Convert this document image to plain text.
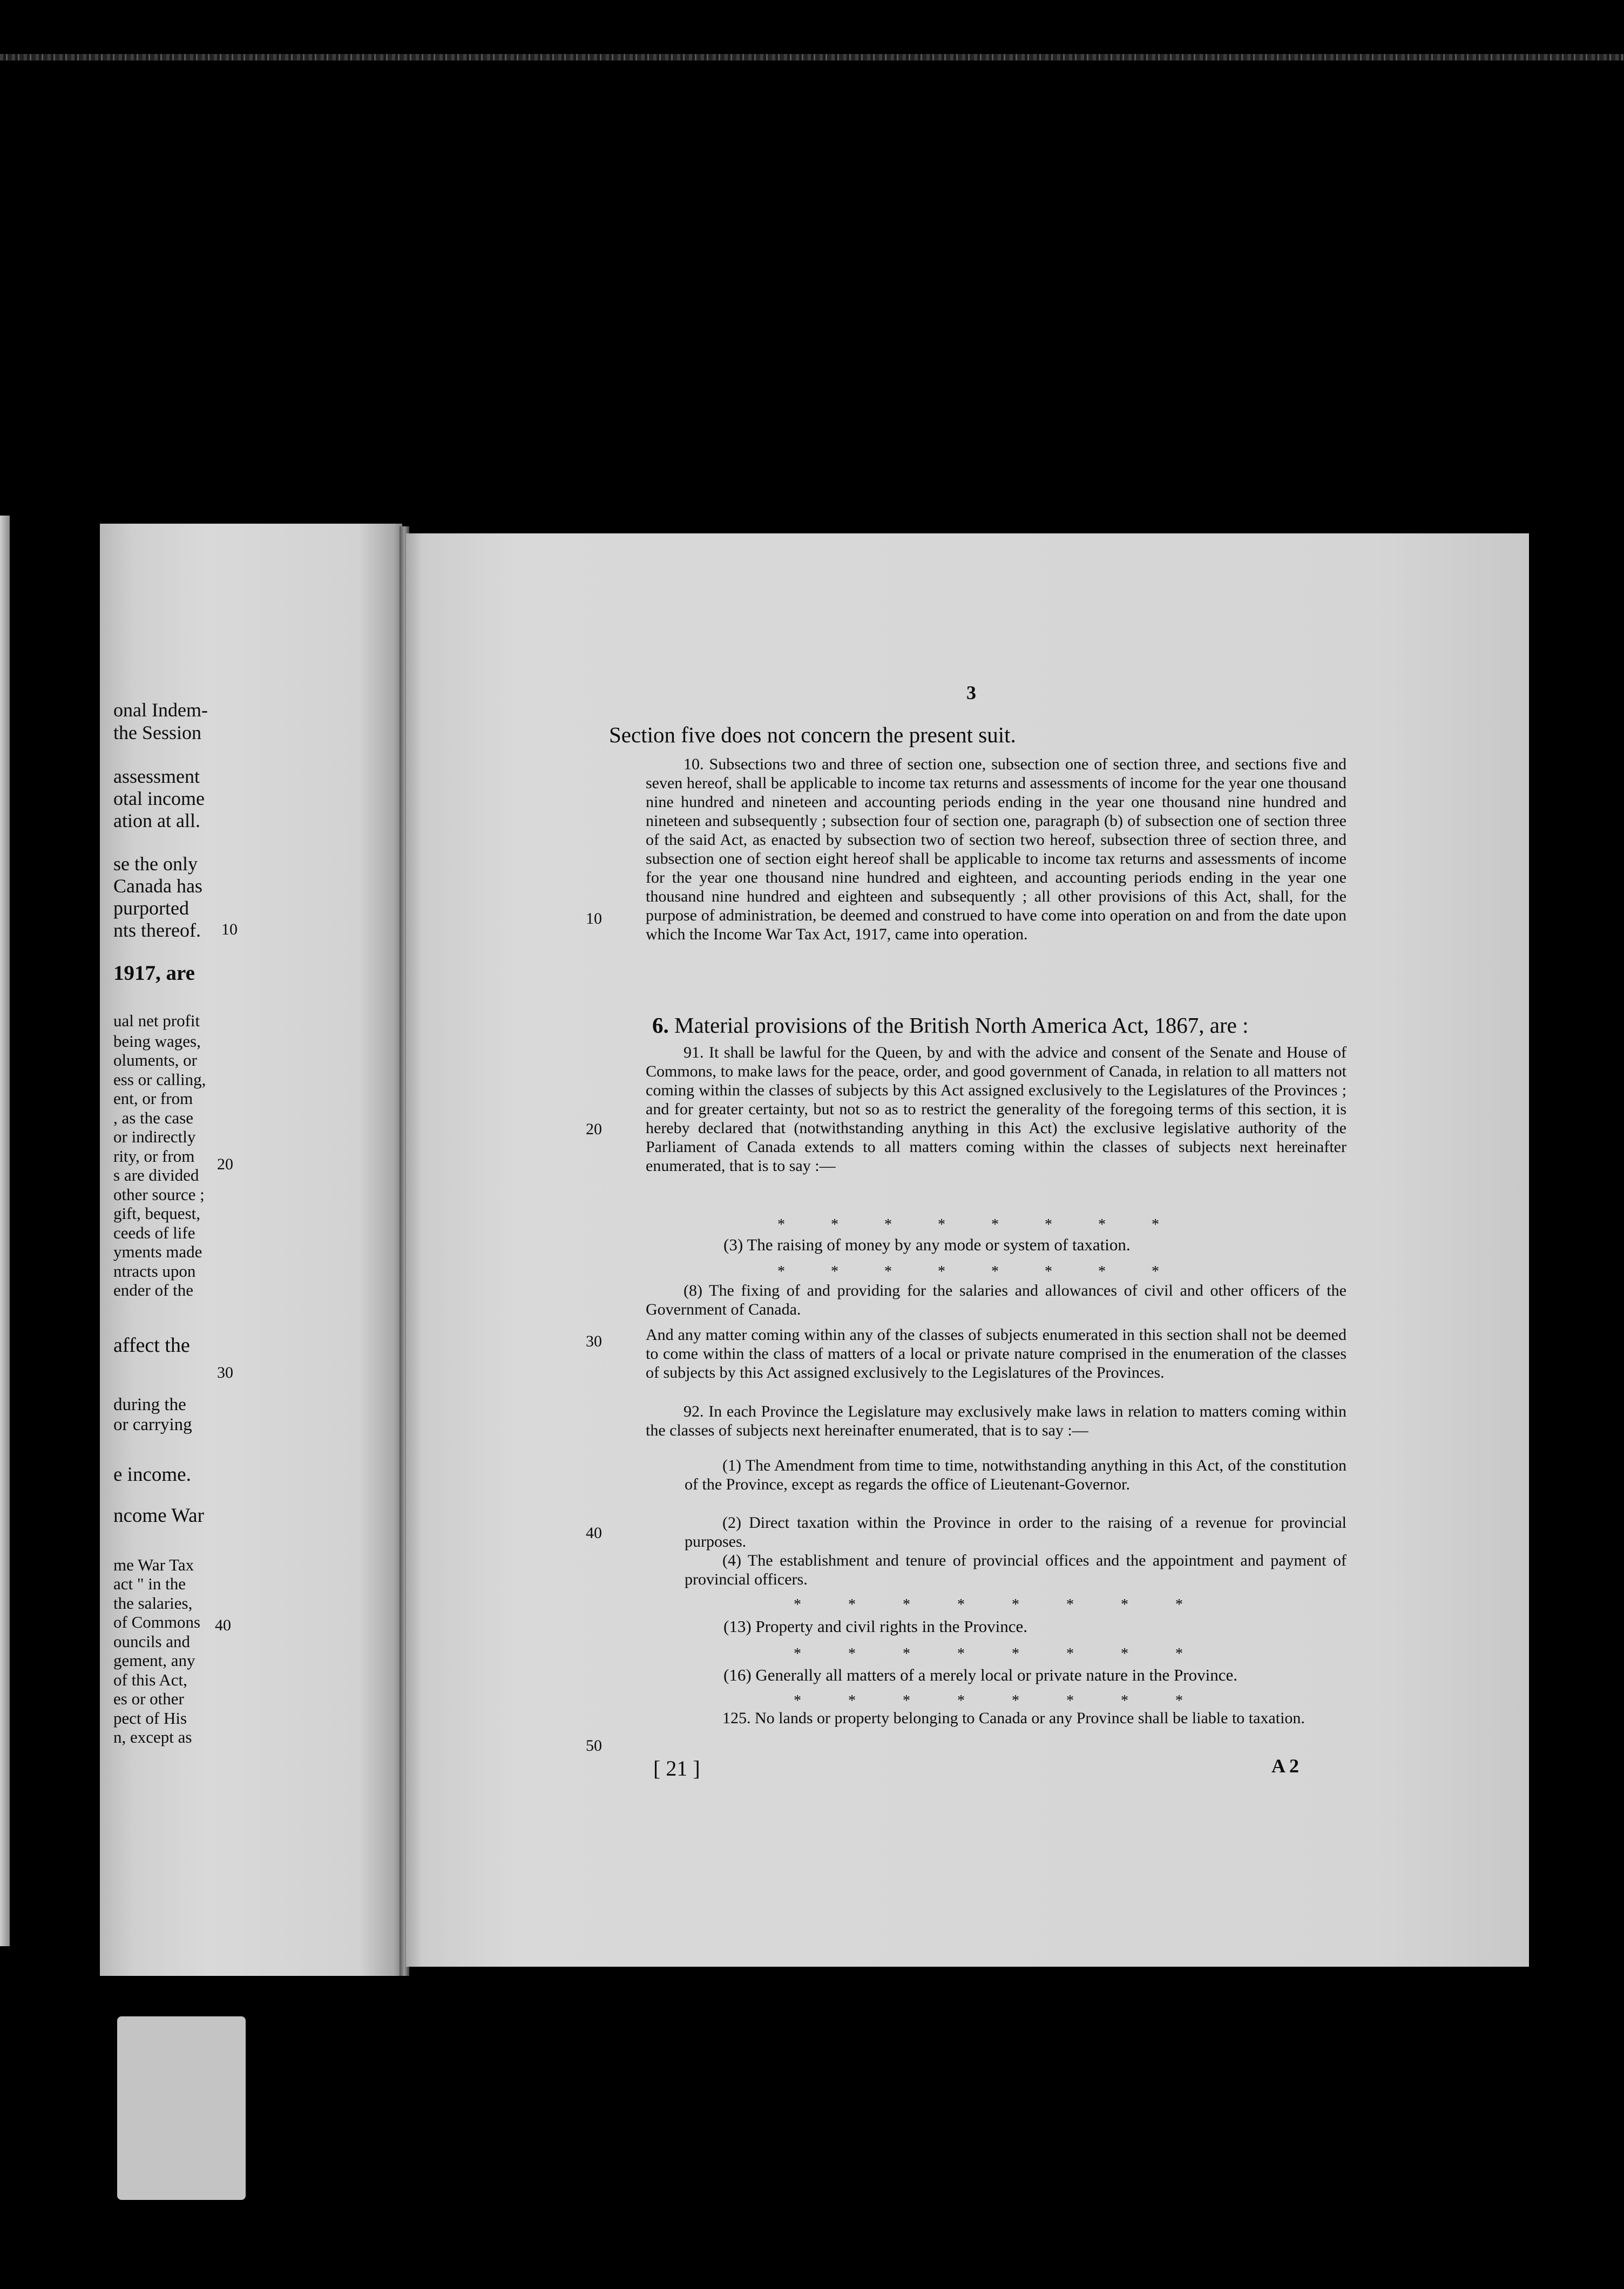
onal Indem-
the Session
assessment
otal income
ation at all.
se the only
Canada has
purported
nts thereof.
1917, are
ual net profit
being wages,
oluments, or
ess or calling,
ent, or from
, as the case
or indirectly
rity, or from
s are divided
other source ;
gift, bequest,
ceeds of life
yments made
ntracts upon
ender of the
affect the
during the
or carrying
e income.
ncome War
me War Tax
act " in the
the salaries,
of Commons
ouncils and
gement, any
of this Act,
es or other
pect of His
n, except as
10
20
30
40
3
Section five does not concern the present suit.

10. Subsections two and three of section one, subsection one of section three, and sections five and seven hereof, shall be applicable to income tax returns and assessments of income for the year one thousand nine hundred and nineteen and accounting periods ending in the year one thousand nine hundred and nineteen and subsequently ; subsection four of section one, paragraph (b) of subsection one of section three of the said Act, as enacted by subsection two of section two hereof, subsection three of section three, and subsection one of section eight hereof shall be applicable to income tax returns and assessments of income for the year one thousand nine hundred and eighteen, and accounting periods ending in the year one thousand nine hundred and eighteen and subsequently ; all other provisions of this Act, shall, for the purpose of administration, be deemed and construed to have come into operation on and from the date upon which the Income War Tax Act, 1917, came into operation.

6. Material provisions of the British North America Act, 1867, are :

91. It shall be lawful for the Queen, by and with the advice and consent of the Senate and House of Commons, to make laws for the peace, order, and good government of Canada, in relation to all matters not coming within the classes of subjects by this Act assigned exclusively to the Legislatures of the Provinces ; and for greater certainty, but not so as to restrict the generality of the foregoing terms of this section, it is hereby declared that (notwithstanding anything in this Act) the exclusive legislative authority of the Parliament of Canada extends to all matters coming within the classes of subjects next hereinafter enumerated, that is to say :—

* * * * * * * *
(3) The raising of money by any mode or system of taxation.
* * * * * * * *

(8) The fixing of and providing for the salaries and allowances of civil and other officers of the Government of Canada.

And any matter coming within any of the classes of subjects enumerated in this section shall not be deemed to come within the class of matters of a local or private nature comprised in the enumeration of the classes of subjects by this Act assigned exclusively to the Legislatures of the Provinces.

92. In each Province the Legislature may exclusively make laws in relation to matters coming within the classes of subjects next hereinafter enumerated, that is to say :—

(1) The Amendment from time to time, notwithstanding anything in this Act, of the constitution of the Province, except as regards the office of Lieutenant-Governor.

(2) Direct taxation within the Province in order to the raising of a revenue for provincial purposes.

(4) The establishment and tenure of provincial offices and the appointment and payment of provincial officers.

* * * * * * * *
(13) Property and civil rights in the Province.
* * * * * * * *
(16) Generally all matters of a merely local or private nature in the Province.
* * * * * * * *

125. No lands or property belonging to Canada or any Province shall be liable to taxation.

10
20
30
40
50
[ 21 ]	A 2
